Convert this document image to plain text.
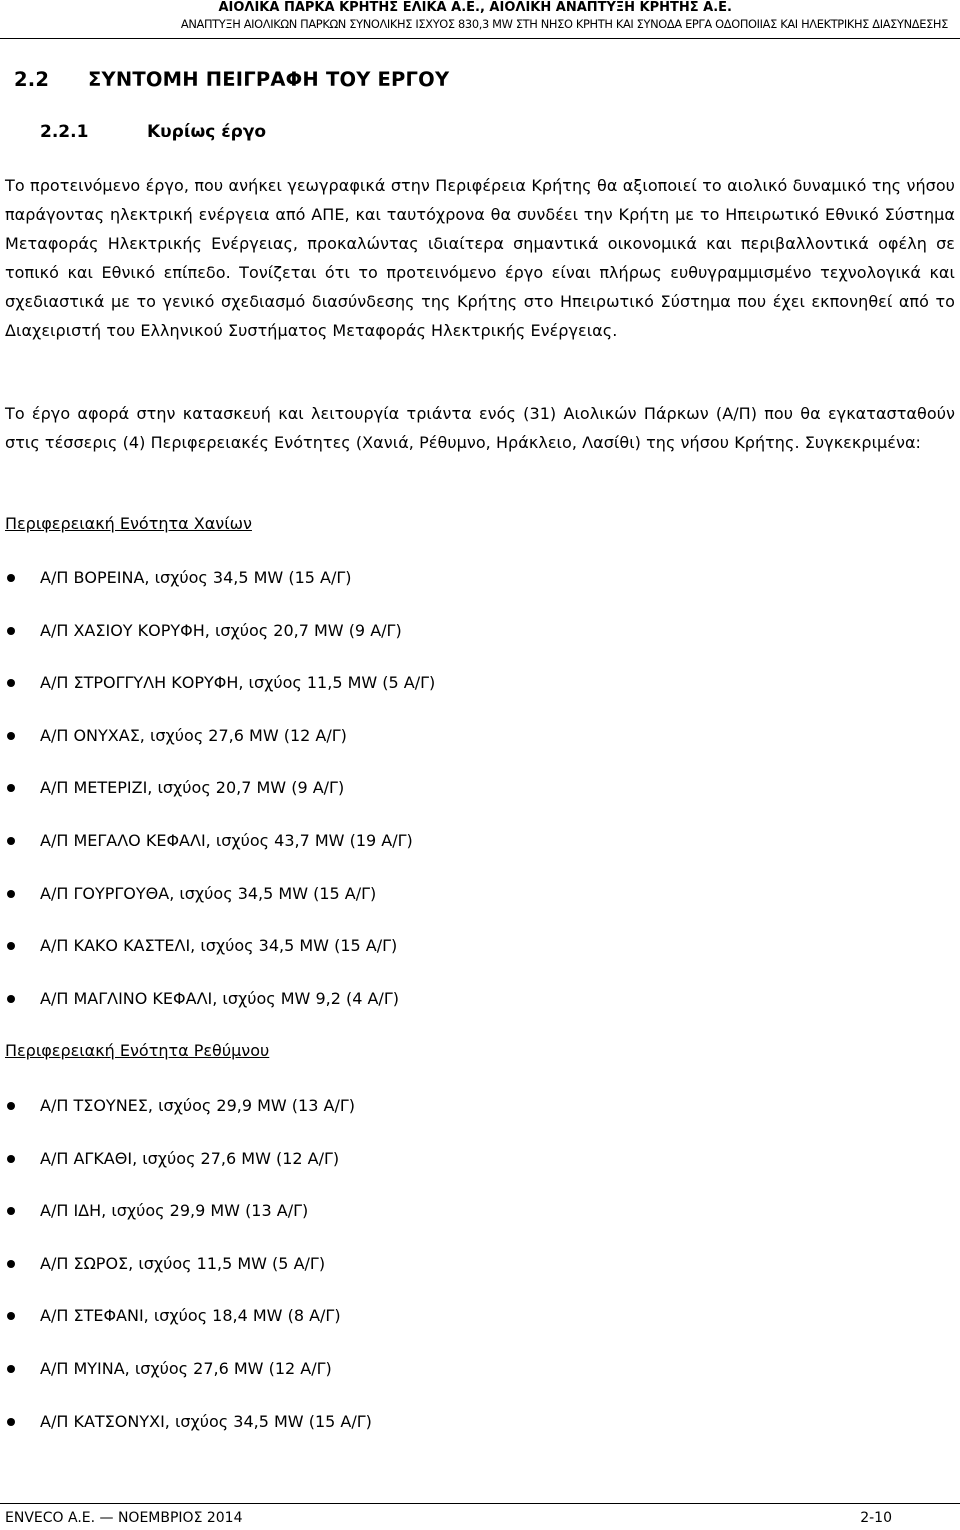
ΑΙΟΛΙΚΑ ΠΑΡΚΑ ΚΡΗΤΗΣ ΕΛΙΚΑ Α.Ε., ΑΙΟΛΙΚΗ ΑΝΑΠΤΥΞΗ ΚΡΗΤΗΣ Α.Ε.
ΑΝΑΠΤΥΞΗ ΑΙΟΛΙΚΩΝ ΠΑΡΚΩΝ ΣΥΝΟΛΙΚΗΣ ΙΣΧΥΟΣ 830,3 MW ΣΤΗ ΝΗΣΟ ΚΡΗΤΗ ΚΑΙ ΣΥΝΟΔΑ ΕΡΓΑ ΟΔΟΠΟΙΙΑΣ ΚΑΙ ΗΛΕΚΤΡΙΚΗΣ ΔΙΑΣΥΝΔΕΣΗΣ
2.2 ΣΥΝΤΟΜΗ ΠΕΙΓΡΑΦΗ ΤΟΥ ΕΡΓΟΥ
2.2.1	Κυρίως έργο
Το προτεινόμενο έργο, που ανήκει γεωγραφικά στην Περιφέρεια Κρήτης θα αξιοποιεί το αιολικό δυναμικό της νήσου παράγοντας ηλεκτρική ενέργεια από ΑΠΕ, και ταυτόχρονα θα συνδέει την Κρήτη με το Ηπειρωτικό Εθνικό Σύστημα Μεταφοράς Ηλεκτρικής Ενέργειας, προκαλώντας ιδιαίτερα σημαντικά οικονομικά και περιβαλλοντικά οφέλη σε τοπικό και Εθνικό επίπεδο. Τονίζεται ότι το προτεινόμενο έργο είναι πλήρως ευθυγραμμισμένο τεχνολογικά και σχεδιαστικά με το γενικό σχεδιασμό διασύνδεσης της Κρήτης στο Ηπειρωτικό Σύστημα που έχει εκπονηθεί από το Διαχειριστή του Ελληνικού Συστήματος Μεταφοράς Ηλεκτρικής Ενέργειας.
Το έργο αφορά στην κατασκευή και λειτουργία τριάντα ενός (31) Αιολικών Πάρκων (Α/Π) που θα εγκατασταθούν στις τέσσερις (4) Περιφερειακές Ενότητες (Χανιά, Ρέθυμνο, Ηράκλειο, Λασίθι) της νήσου Κρήτης. Συγκεκριμένα:
Περιφερειακή Ενότητα Χανίων
Α/Π ΒΟΡΕΙΝΑ, ισχύος 34,5 MW (15 Α/Γ)
Α/Π ΧΑΣΙΟΥ ΚΟΡΥΦΗ, ισχύος 20,7 MW (9 Α/Γ)
Α/Π ΣΤΡΟΓΓΥΛΗ ΚΟΡΥΦΗ, ισχύος 11,5 MW (5 Α/Γ)
Α/Π ΟΝΥΧΑΣ, ισχύος 27,6 MW (12 Α/Γ)
Α/Π ΜΕΤΕΡΙΖΙ, ισχύος 20,7 MW (9 Α/Γ)
Α/Π ΜΕΓΑΛΟ ΚΕΦΑΛΙ, ισχύος 43,7 MW (19 Α/Γ)
Α/Π ΓΟΥΡΓΟΥΘΑ, ισχύος 34,5 MW (15 Α/Γ)
Α/Π ΚΑΚΟ ΚΑΣΤΕΛΙ, ισχύος 34,5 MW (15 Α/Γ)
Α/Π ΜΑΓΛΙΝΟ ΚΕΦΑΛΙ, ισχύος MW 9,2 (4 Α/Γ)
Περιφερειακή Ενότητα Ρεθύμνου
Α/Π ΤΣΟΥΝΕΣ, ισχύος 29,9 MW (13 Α/Γ)
Α/Π ΑΓΚΑΘΙ, ισχύος 27,6 MW (12 Α/Γ)
Α/Π ΙΔΗ, ισχύος 29,9 MW (13 Α/Γ)
Α/Π ΣΩΡΟΣ, ισχύος 11,5 MW (5 Α/Γ)
Α/Π ΣΤΕΦΑΝΙ, ισχύος 18,4 MW (8 Α/Γ)
Α/Π ΜΥΙΝΑ, ισχύος 27,6 MW (12 Α/Γ)
Α/Π ΚΑΤΣΟΝΥΧΙ, ισχύος 34,5 MW (15 Α/Γ)
ENVECO A.E. — ΝΟΕΜΒΡΙΟΣ 2014	2-10
